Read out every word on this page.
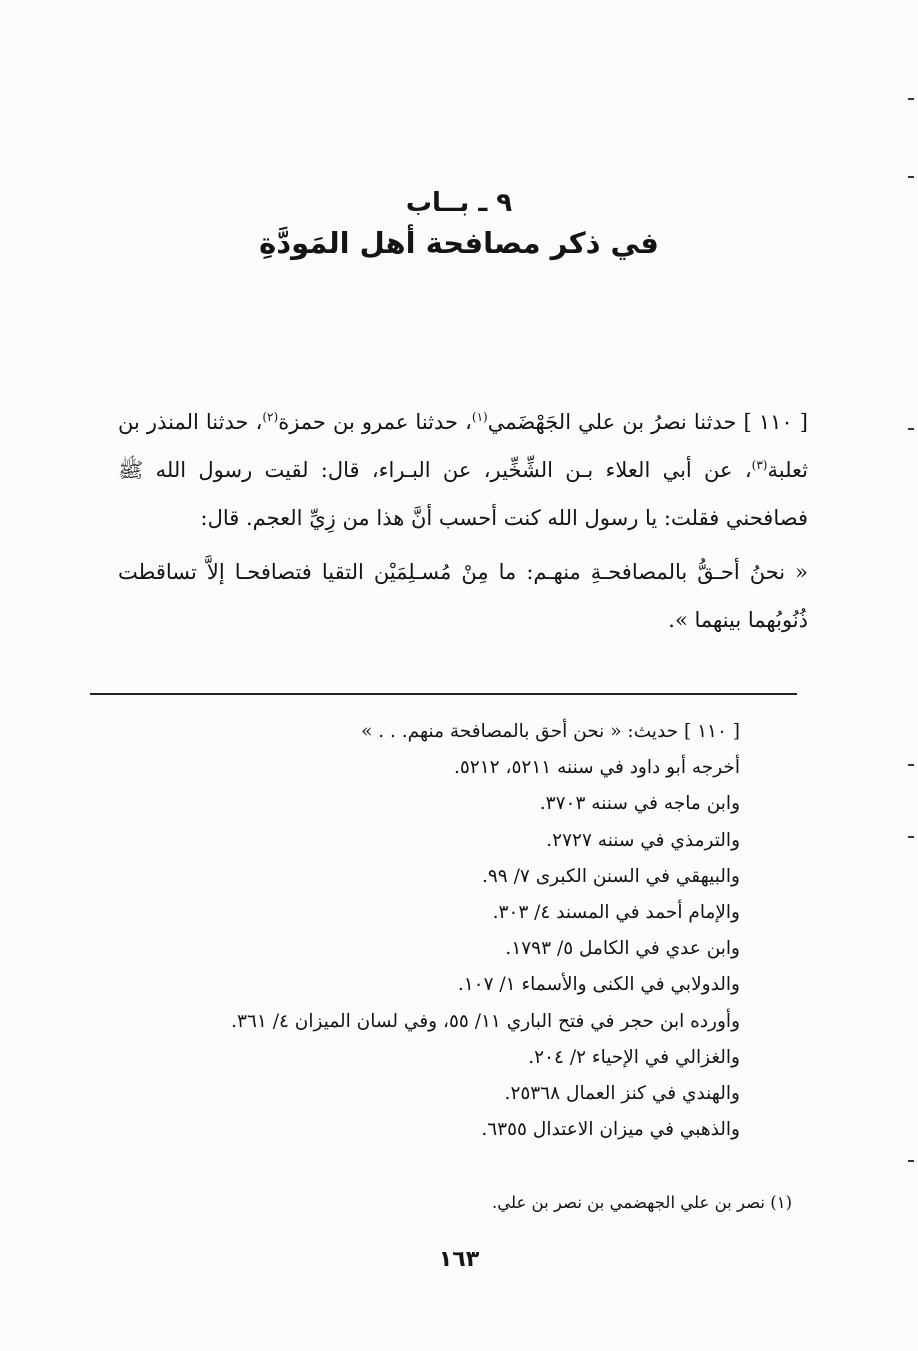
٩ ـ بــاب
في ذكر مصافحة أهل المَودَّةِ

[ ١١٠ ] حدثنا نصرُ بن علي الجَهْضَمي$^{(١)}$، حدثنا عمرو بن حمزة$^{(٢)}$، حدثنا المنذر بن ثعلبة$^{(٣)}$، عن أبي العلاء بـن الشِّخِّير، عن البـراء، قال: لقيت رسول الله ﷺ فصافحني فقلت: يا رسول الله كنت أحسب أنَّ هذا من زِيِّ العجم. قال:

« نحنُ أحـقُّ بالمصافحـةِ منهـم: ما مِنْ مُسـلِمَيْن التقيا فتصافحـا إلاَّ تساقطت ذُنُوبُهما بينهما ».

[ ١١٠ ] حديث: « نحن أحق بالمصافحة منهم. . . »
أخرجه أبو داود في سننه ٥٢١١، ٥٢١٢.
وابن ماجه في سننه ٣٧٠٣.
والترمذي في سننه ٢٧٢٧.
والبيهقي في السنن الكبرى ٧/ ٩٩.
والإمام أحمد في المسند ٤/ ٣٠٣.
وابن عدي في الكامل ٥/ ١٧٩٣.
والدولابي في الكنى والأسماء ١/ ١٠٧.
وأورده ابن حجر في فتح الباري ١١/ ٥٥، وفي لسان الميزان ٤/ ٣٦١.
والغزالي في الإحياء ٢/ ٢٠٤.
والهندي في كنز العمال ٢٥٣٦٨.
والذهبي في ميزان الاعتدال ٦٣٥٥.
(١) نصر بن علي الجهضمي بن نصر بن علي.
١٦٣
